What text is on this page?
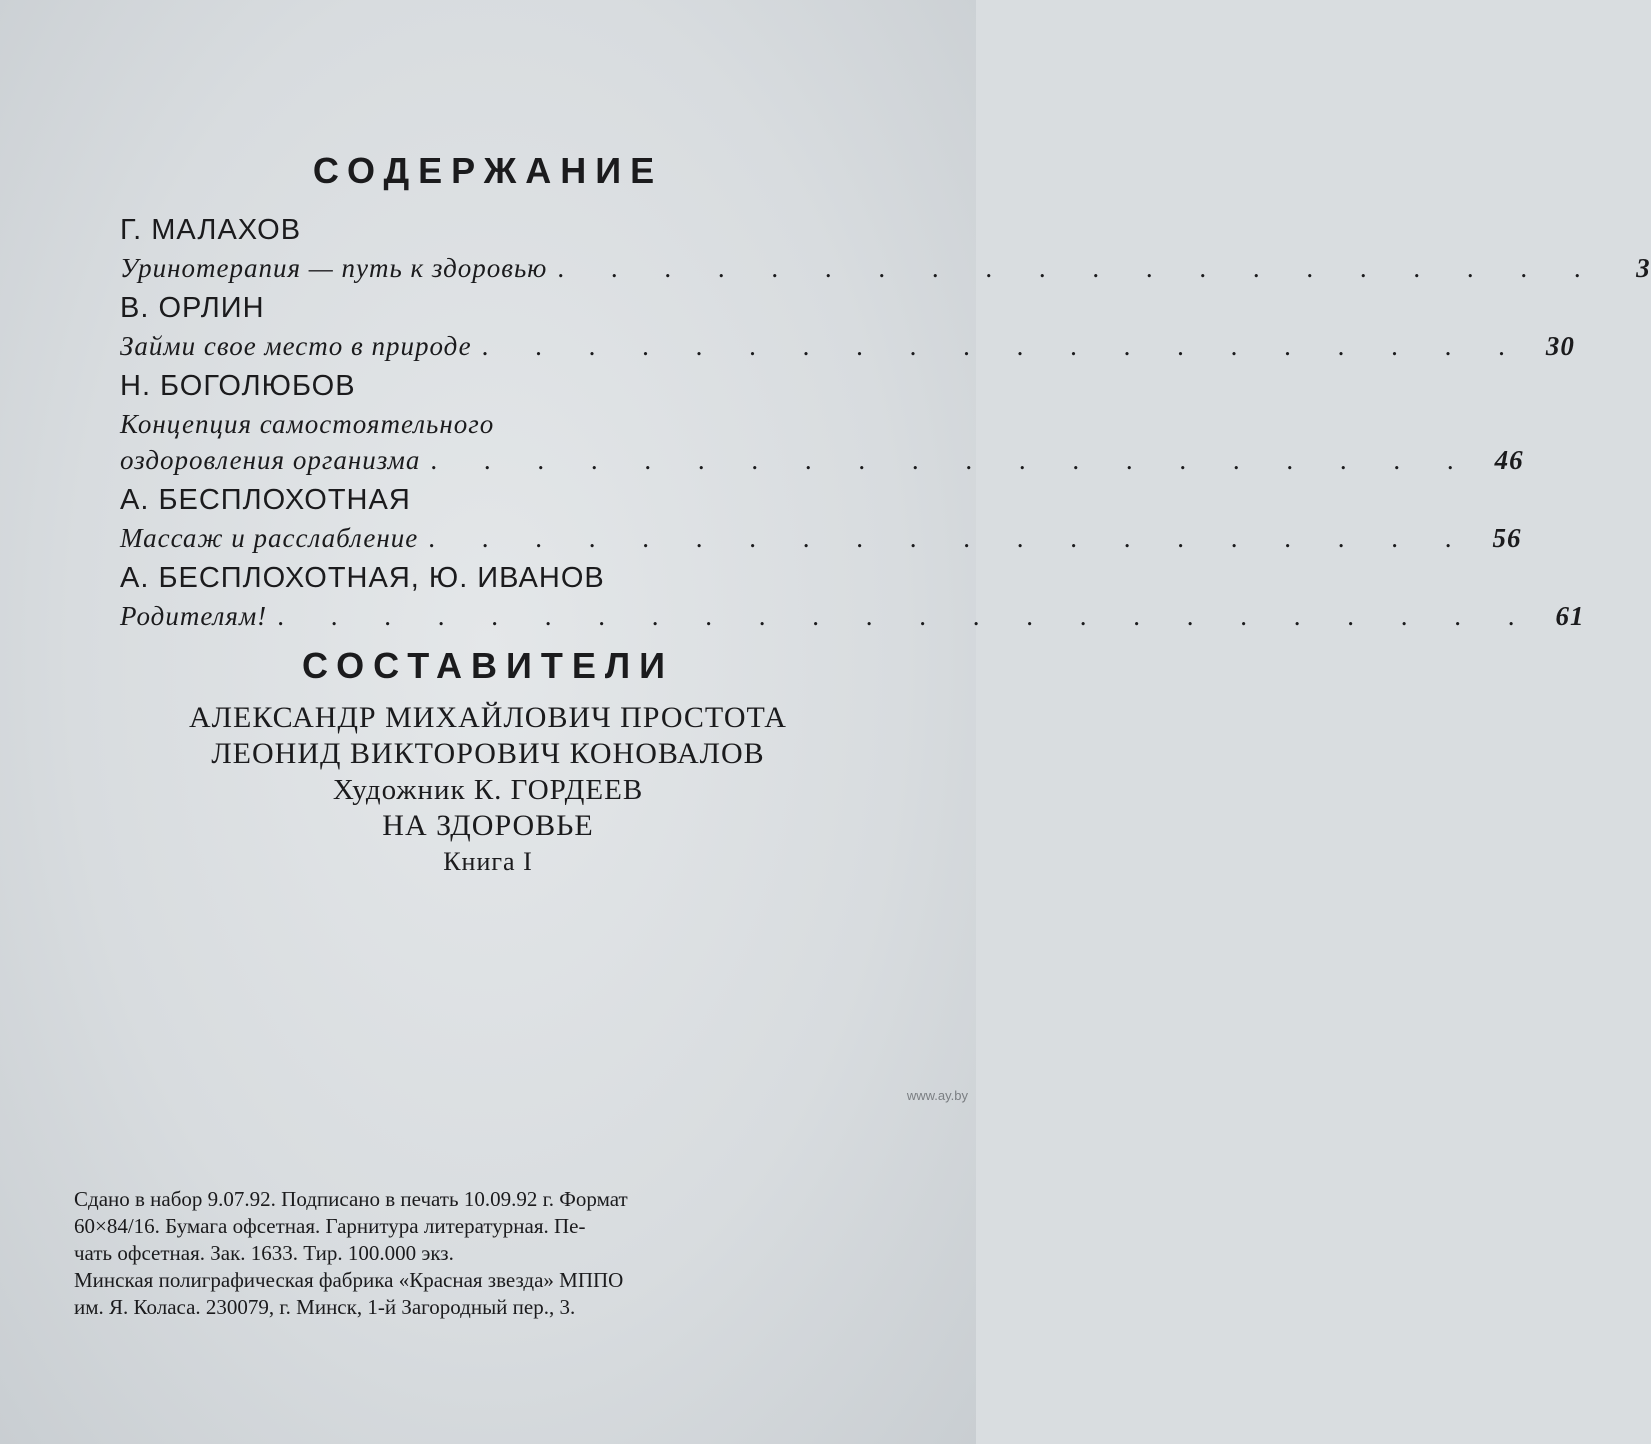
СОДЕРЖАНИЕ
Г. МАЛАХОВ
Уринотерапия — путь к здоровью . . . . . . . . . . . . . . . . . . . .	3
В. ОРЛИН
Займи свое место в природе . . . . . . . . . . . . . . . . . . . . 30
Н. БОГОЛЮБОВ
Концепция самостоятельного
оздоровления организма . . . . . . . . . . . . . . . . . . . . 46
А. БЕСПЛОХОТНАЯ
Массаж и расслабление . . . . . . . . . . . . . . . . . . . . 56
А. БЕСПЛОХОТНАЯ, Ю. ИВАНОВ
Родителям! . . . . . . . . . . . . . . . . . . . . . . . . 61
СОСТАВИТЕЛИ
АЛЕКСАНДР МИХАЙЛОВИЧ ПРОСТОТА
ЛЕОНИД ВИКТОРОВИЧ КОНОВАЛОВ
Художник К. ГОРДЕЕВ
НА ЗДОРОВЬЕ
Книга I
Сдано в набор 9.07.92. Подписано в печать 10.09.92 г. Формат
60×84/16. Бумага офсетная. Гарнитура литературная. Пе-
чать офсетная. Зак. 1633. Тир. 100.000 экз.
Минская полиграфическая фабрика «Красная звезда» МППО
им. Я. Коласа. 230079, г. Минск, 1-й Загородный пер., 3.
www.ay.by
